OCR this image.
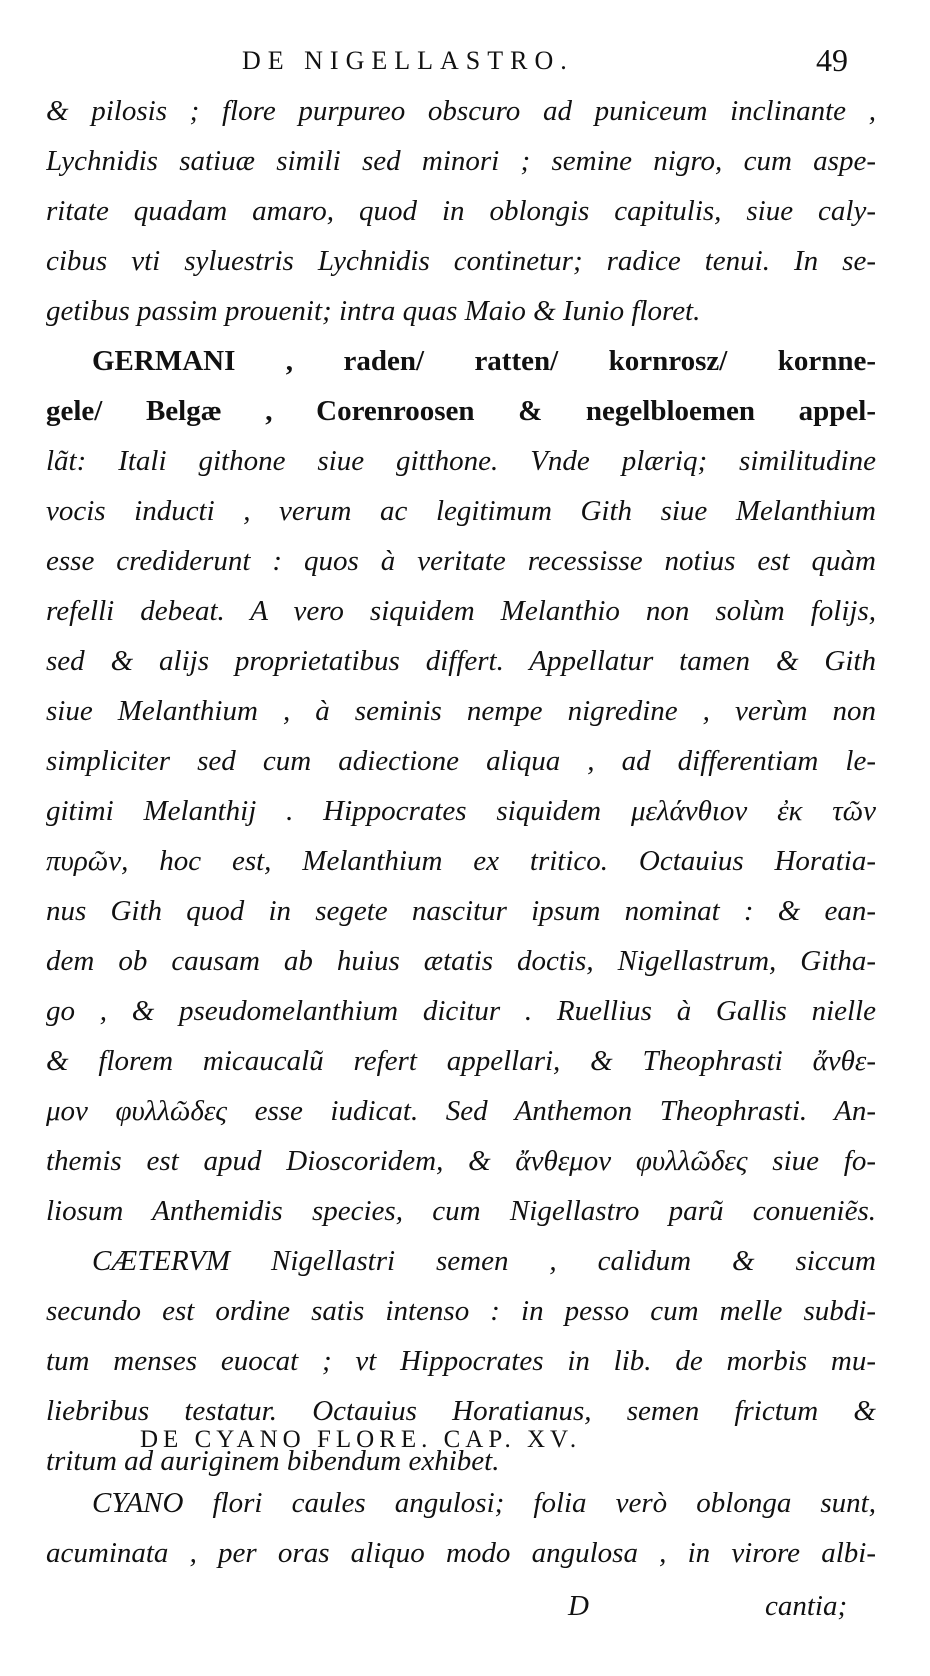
DE NIGELLASTRO.	49
& pilosis ; flore purpureo obscuro ad puniceum inclinante ,
Lychnidis satiuæ simili sed minori ; semine nigro, cum aspe-
ritate quadam amaro, quod in oblongis capitulis, siue caly-
cibus vti syluestris Lychnidis continetur; radice tenui. In se-
getibus passim prouenit; intra quas Maio & Iunio floret.
GERMANI , raden/ ratten/ kornrosz/ kornne-
gele/ Belgæ , Corenroosen & negelbloemen appel-
lãt: Itali githone siue gitthone. Vnde plæriq; similitudine
vocis inducti , verum ac legitimum Gith siue Melanthium
esse crediderunt : quos à veritate recessisse notius est quàm
refelli debeat. A vero siquidem Melanthio non solùm folijs,
sed & alijs proprietatibus differt. Appellatur tamen & Gith
siue Melanthium , à seminis nempe nigredine , verùm non
simpliciter sed cum adiectione aliqua , ad differentiam le-
gitimi Melanthij . Hippocrates siquidem μελάνθιον ἐκ τῶν
πυρῶν, hoc est, Melanthium ex tritico. Octauius Horatia-
nus Gith quod in segete nascitur ipsum nominat : & ean-
dem ob causam ab huius ætatis doctis, Nigellastrum, Githa-
go , & pseudomelanthium dicitur . Ruellius à Gallis nielle
& florem micaucalũ refert appellari, & Theophrasti ἄνθε-
μον φυλλῶδες esse iudicat. Sed Anthemon Theophrasti. An-
themis est apud Dioscoridem, & ἄνθεμον φυλλῶδες siue fo-
liosum Anthemidis species, cum Nigellastro parũ conueniẽs.
CÆTERVM Nigellastri semen , calidum & siccum
secundo est ordine satis intenso : in pesso cum melle subdi-
tum menses euocat ; vt Hippocrates in lib. de morbis mu-
liebribus testatur. Octauius Horatianus, semen frictum &
tritum ad auriginem bibendum exhibet.
DE CYANO FLORE. CAP. XV.
CYANO flori caules angulosi; folia verò oblonga sunt,
acuminata , per oras aliquo modo angulosa , in virore albi-
D	cantia;
